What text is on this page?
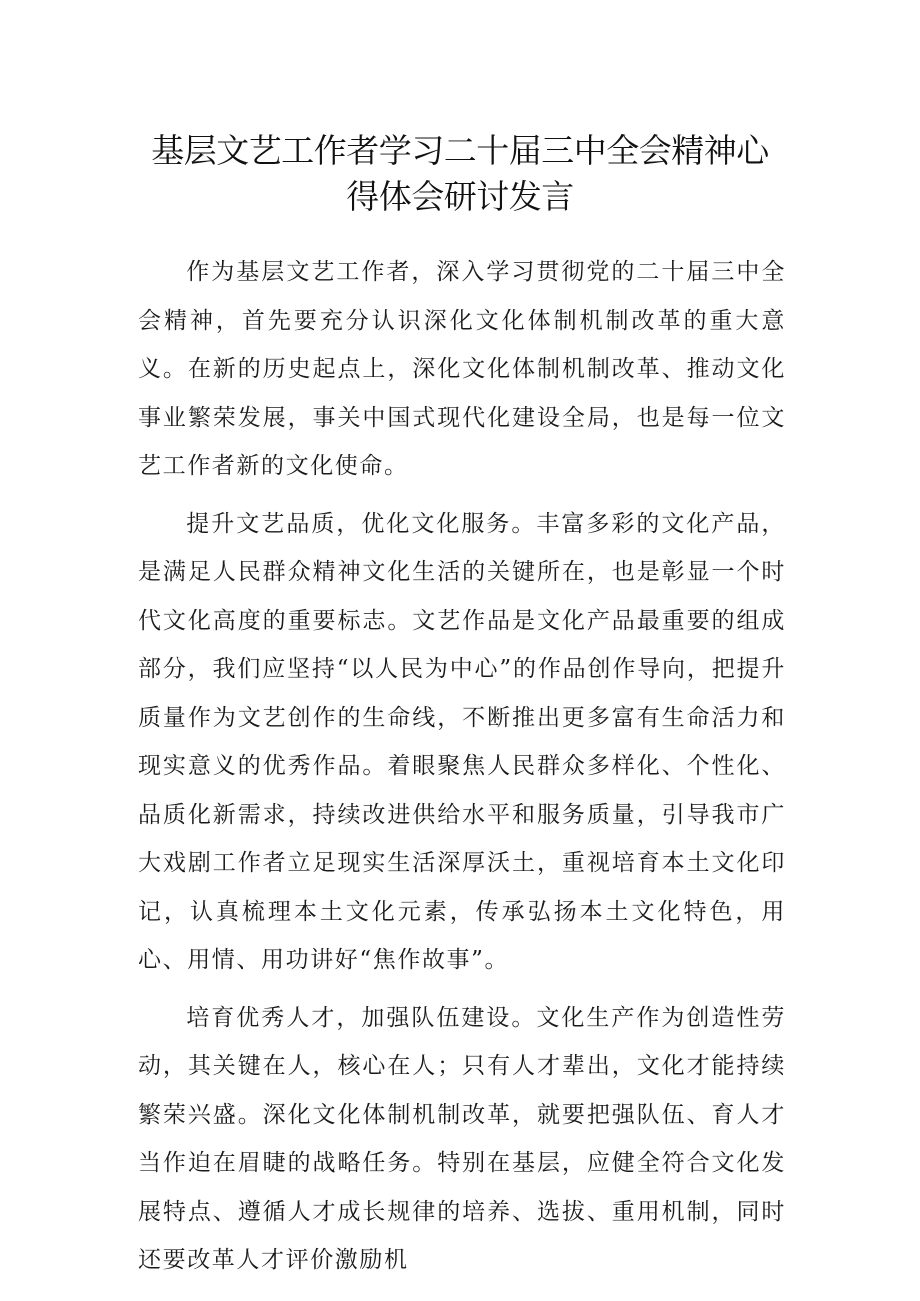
基层文艺工作者学习二十届三中全会精神心
得体会研讨发言

作为基层文艺工作者，深入学习贯彻党的二十届三中全会精神，首先要充分认识深化文化体制机制改革的重大意义。在新的历史起点上，深化文化体制机制改革、推动文化事业繁荣发展，事关中国式现代化建设全局，也是每一位文艺工作者新的文化使命。

提升文艺品质，优化文化服务。丰富多彩的文化产品，是满足人民群众精神文化生活的关键所在，也是彰显一个时代文化高度的重要标志。文艺作品是文化产品最重要的组成部分，我们应坚持“以人民为中心”的作品创作导向，把提升质量作为文艺创作的生命线，不断推出更多富有生命活力和现实意义的优秀作品。着眼聚焦人民群众多样化、个性化、品质化新需求，持续改进供给水平和服务质量，引导我市广大戏剧工作者立足现实生活深厚沃土，重视培育本土文化印记，认真梳理本土文化元素，传承弘扬本土文化特色，用心、用情、用功讲好“焦作故事”。

培育优秀人才，加强队伍建设。文化生产作为创造性劳动，其关键在人，核心在人；只有人才辈出，文化才能持续繁荣兴盛。深化文化体制机制改革，就要把强队伍、育人才当作迫在眉睫的战略任务。特别在基层，应健全符合文化发展特点、遵循人才成长规律的培养、选拔、重用机制，同时还要改革人才评价激励机
